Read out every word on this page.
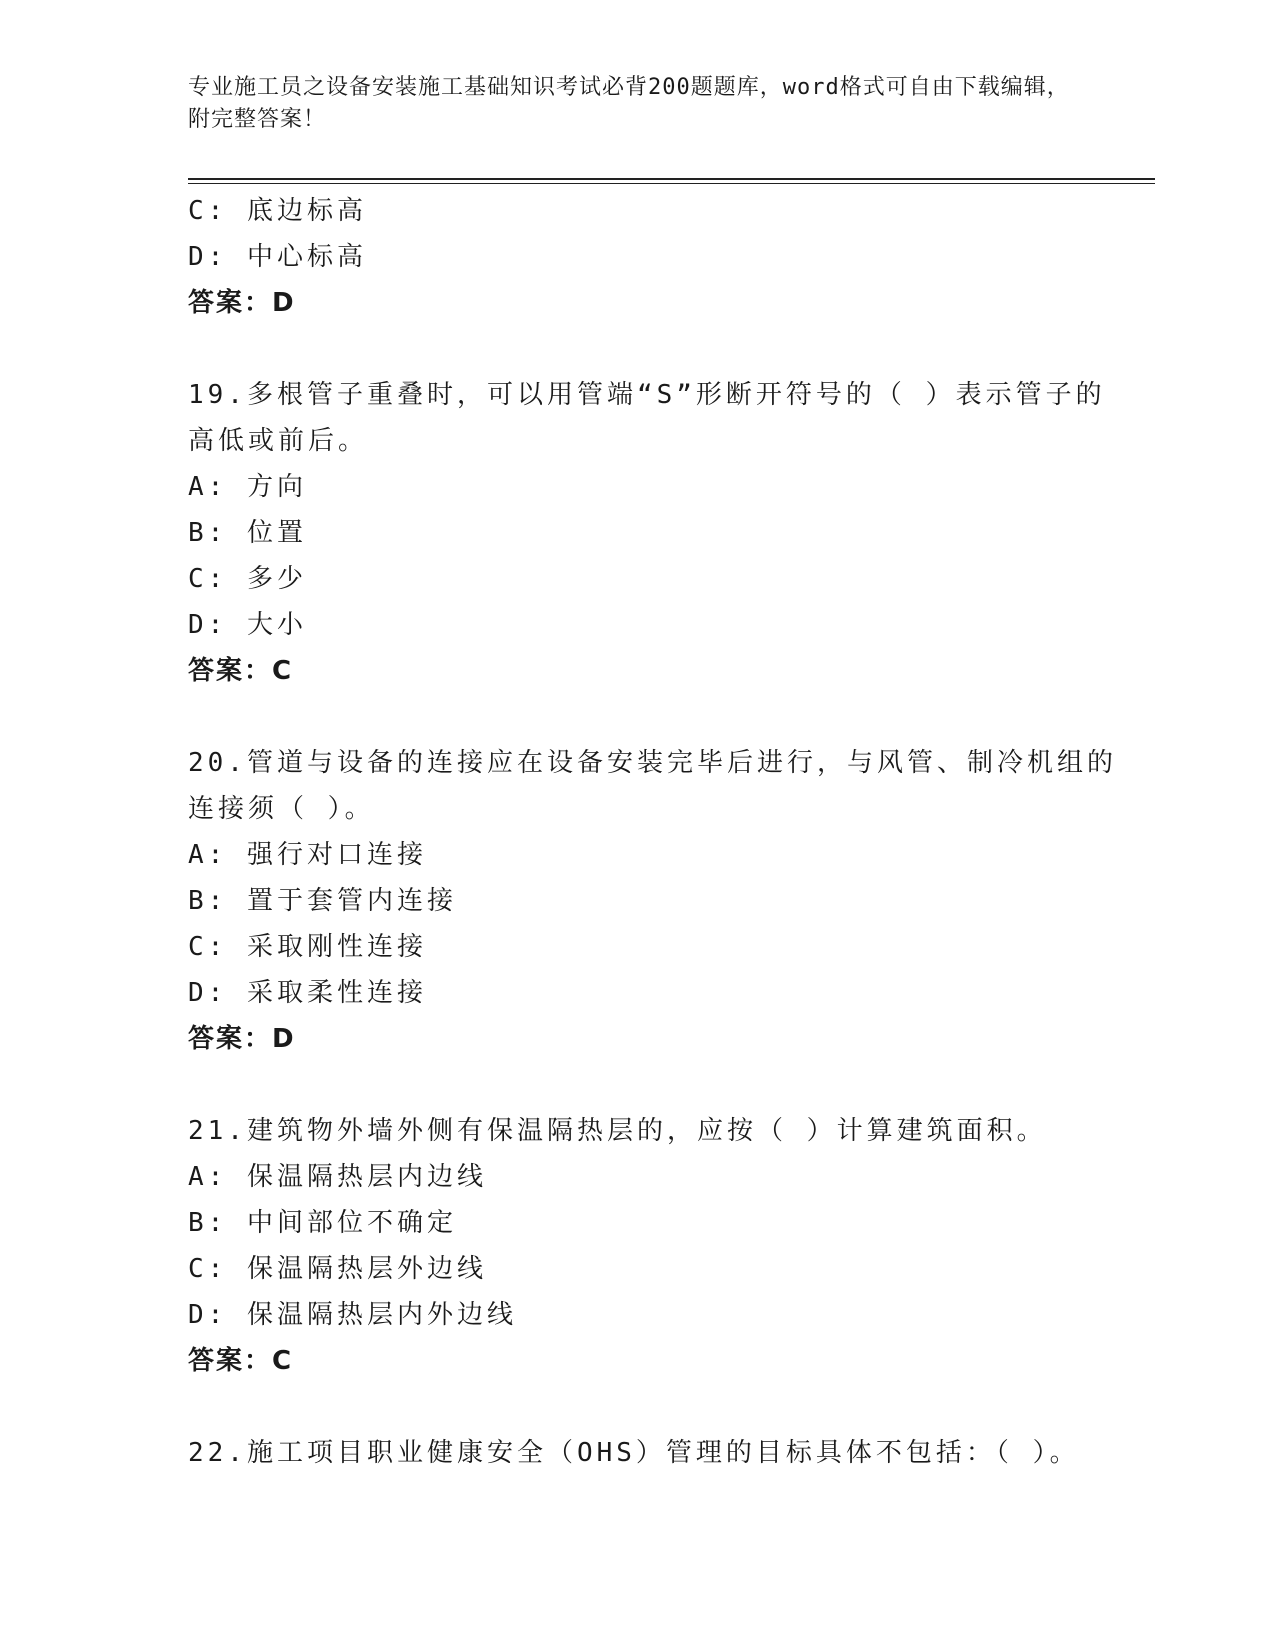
专业施工员之设备安装施工基础知识考试必背200题题库，word格式可自由下载编辑，附完整答案！
C: 底边标高
D: 中心标高
答案：D
19.多根管子重叠时，可以用管端“S”形断开符号的（ ）表示管子的
高低或前后。
A: 方向
B: 位置
C: 多少
D: 大小
答案：C
20.管道与设备的连接应在设备安装完毕后进行，与风管、制冷机组的
连接须（ ）。
A: 强行对口连接
B: 置于套管内连接
C: 采取刚性连接
D: 采取柔性连接
答案：D
21.建筑物外墙外侧有保温隔热层的，应按（ ）计算建筑面积。
A: 保温隔热层内边线
B: 中间部位不确定
C: 保温隔热层外边线
D: 保温隔热层内外边线
答案：C
22.施工项目职业健康安全（OHS）管理的目标具体不包括：（ ）。
